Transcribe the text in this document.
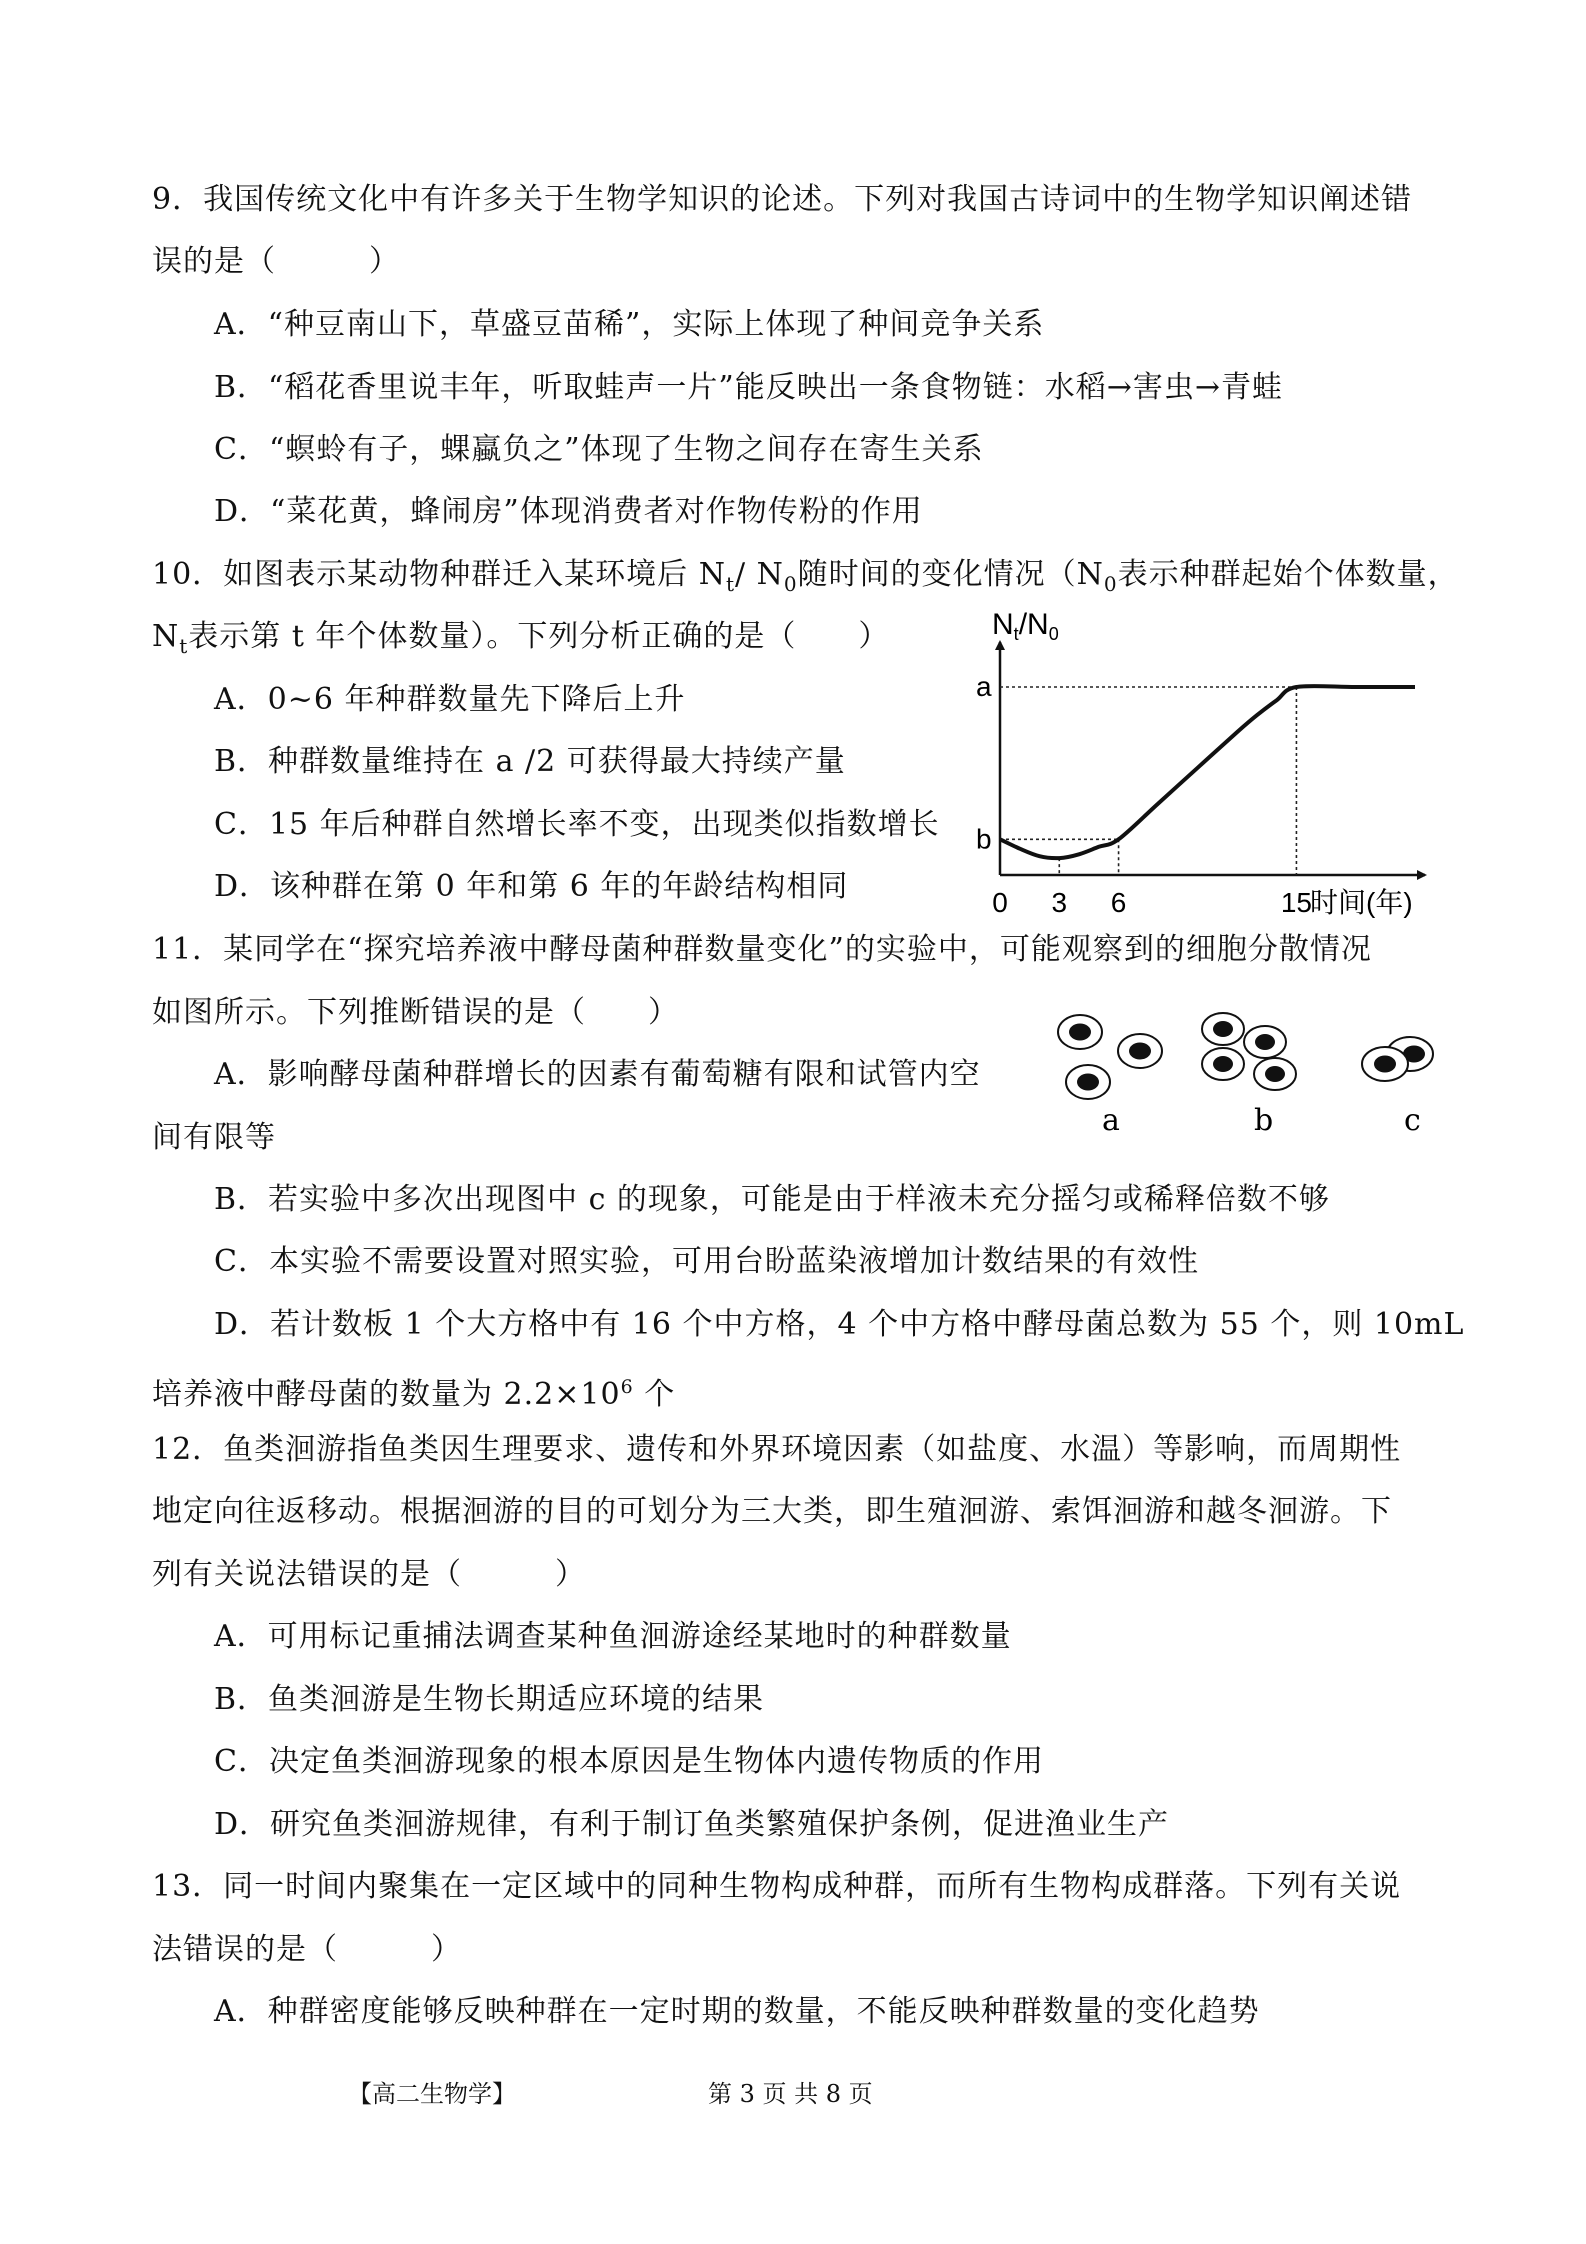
9．我国传统文化中有许多关于生物学知识的论述。下列对我国古诗词中的生物学知识阐述错
误的是（　　　）
A．“种豆南山下，草盛豆苗稀”，实际上体现了种间竞争关系
B．“稻花香里说丰年，听取蛙声一片”能反映出一条食物链：水稻→害虫→青蛙
C．“螟蛉有子，蜾蠃负之”体现了生物之间存在寄生关系
D．“菜花黄，蜂闹房”体现消费者对作物传粉的作用
10．如图表示某动物种群迁入某环境后 $N_t/$ $N_0$随时间的变化情况（$N_0$表示种群起始个体数量，
$N_t$表示第 t 年个体数量）。下列分析正确的是（　　）
A．0~6 年种群数量先下降后上升
B．种群数量维持在 a /2 可获得最大持续产量
C．15 年后种群自然增长率不变，出现类似指数增长
D．该种群在第 0 年和第 6 年的年龄结构相同
$N_t/N_0$
a
b
0 3 6	15
时间(年)
11．某同学在“探究培养液中酵母菌种群数量变化”的实验中，可能观察到的细胞分散情况
如图所示。下列推断错误的是（　　）
A．影响酵母菌种群增长的因素有葡萄糖有限和试管内空
间有限等
B．若实验中多次出现图中 c 的现象，可能是由于样液未充分摇匀或稀释倍数不够
C．本实验不需要设置对照实验，可用台盼蓝染液增加计数结果的有效性
D．若计数板 1 个大方格中有 16 个中方格，4 个中方格中酵母菌总数为 55 个，则 10mL
培养液中酵母菌的数量为 $2.2\times 10^6$ 个
a	b	c
12．鱼类洄游指鱼类因生理要求、遗传和外界环境因素（如盐度、水温）等影响，而周期性
地定向往返移动。根据洄游的目的可划分为三大类，即生殖洄游、索饵洄游和越冬洄游。下
列有关说法错误的是（　　　）
A．可用标记重捕法调查某种鱼洄游途经某地时的种群数量
B．鱼类洄游是生物长期适应环境的结果
C．决定鱼类洄游现象的根本原因是生物体内遗传物质的作用
D．研究鱼类洄游规律，有利于制订鱼类繁殖保护条例，促进渔业生产
13．同一时间内聚集在一定区域中的同种生物构成种群，而所有生物构成群落。下列有关说
法错误的是（　　　）
A．种群密度能够反映种群在一定时期的数量，不能反映种群数量的变化趋势
【高二生物学】	第 3 页 共 8 页
